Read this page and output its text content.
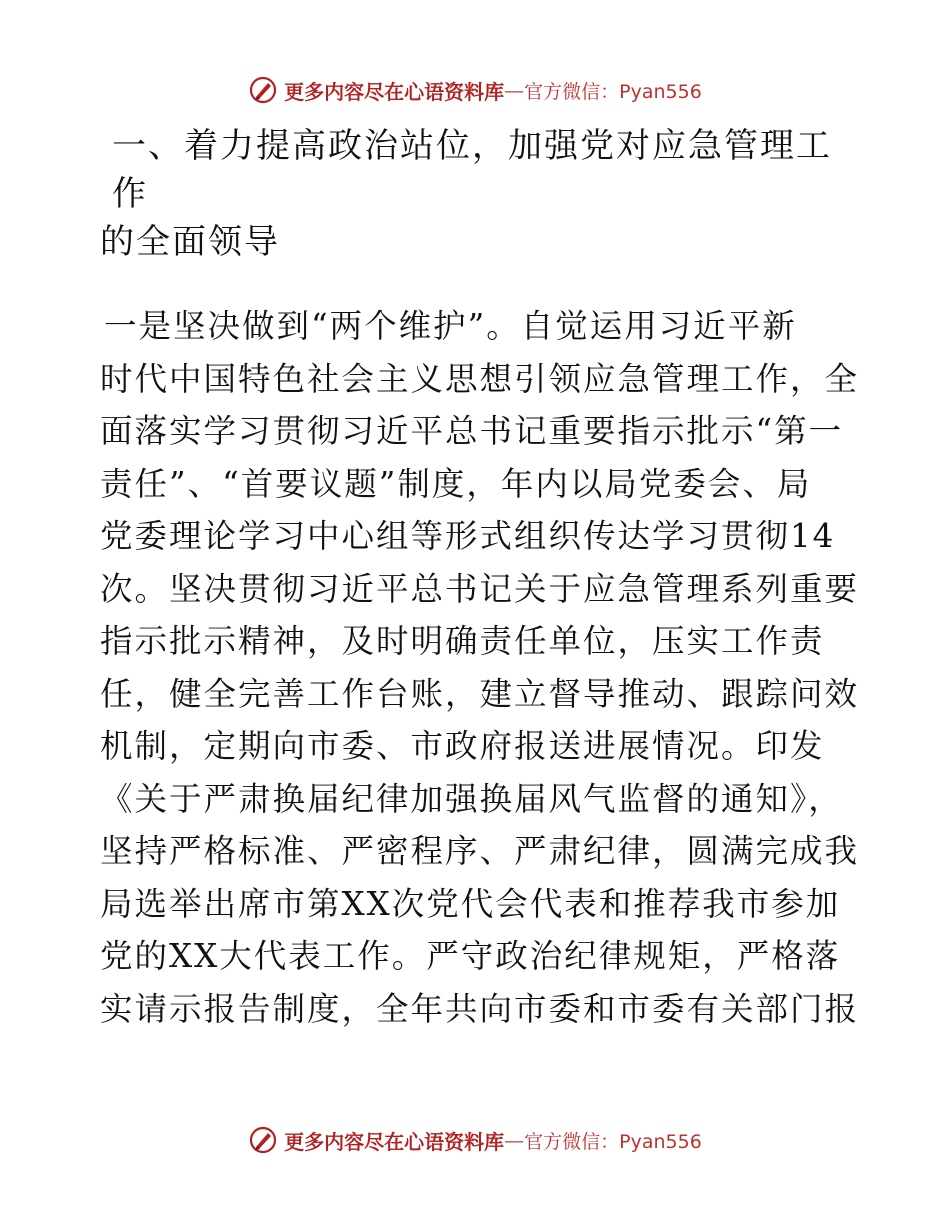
更多内容尽在心语资料库 — 官方微信：Pyan556
一、着力提高政治站位，加强党对应急管理工作
的全面领导

一是坚决做到“两个维护”。自觉运用习近平新
时代中国特色社会主义思想引领应急管理工作，全
面落实学习贯彻习近平总书记重要指示批示“第一
责任”、“首要议题”制度，年内以局党委会、局
党委理论学习中心组等形式组织传达学习贯彻14
次。坚决贯彻习近平总书记关于应急管理系列重要
指示批示精神，及时明确责任单位，压实工作责
任，健全完善工作台账，建立督导推动、跟踪问效
机制，定期向市委、市政府报送进展情况。印发
《关于严肃换届纪律加强换届风气监督的通知》，
坚持严格标准、严密程序、严肃纪律，圆满完成我
局选举出席市第XX次党代会代表和推荐我市参加
党的XX大代表工作。严守政治纪律规矩，严格落
实请示报告制度，全年共向市委和市委有关部门报

更多内容尽在心语资料库 — 官方微信：Pyan556
